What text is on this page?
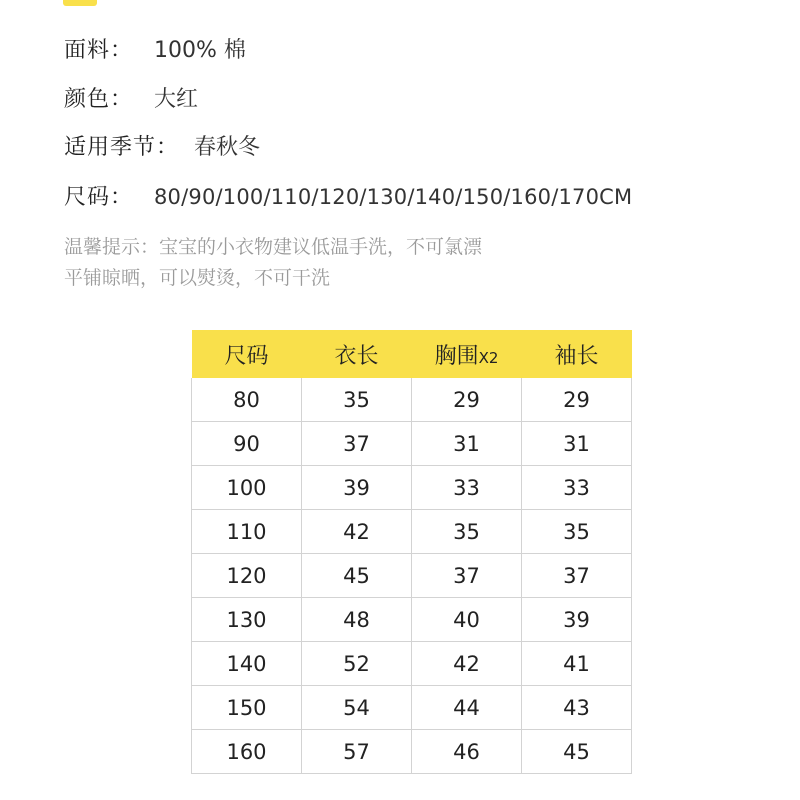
面料： 100% 棉
颜色： 大红
适用季节： 春秋冬
尺码： 80/90/100/110/120/130/140/150/160/170CM
温馨提示：宝宝的小衣物建议低温手洗，不可氯漂
平铺晾晒，可以熨烫，不可干洗
尺码	衣长	胸围X2	袖长
80	35	29	29
90	37	31	31
100	39	33	33
110	42	35	35
120	45	37	37
130	48	40	39
140	52	42	41
150	54	44	43
160	57	46	45
